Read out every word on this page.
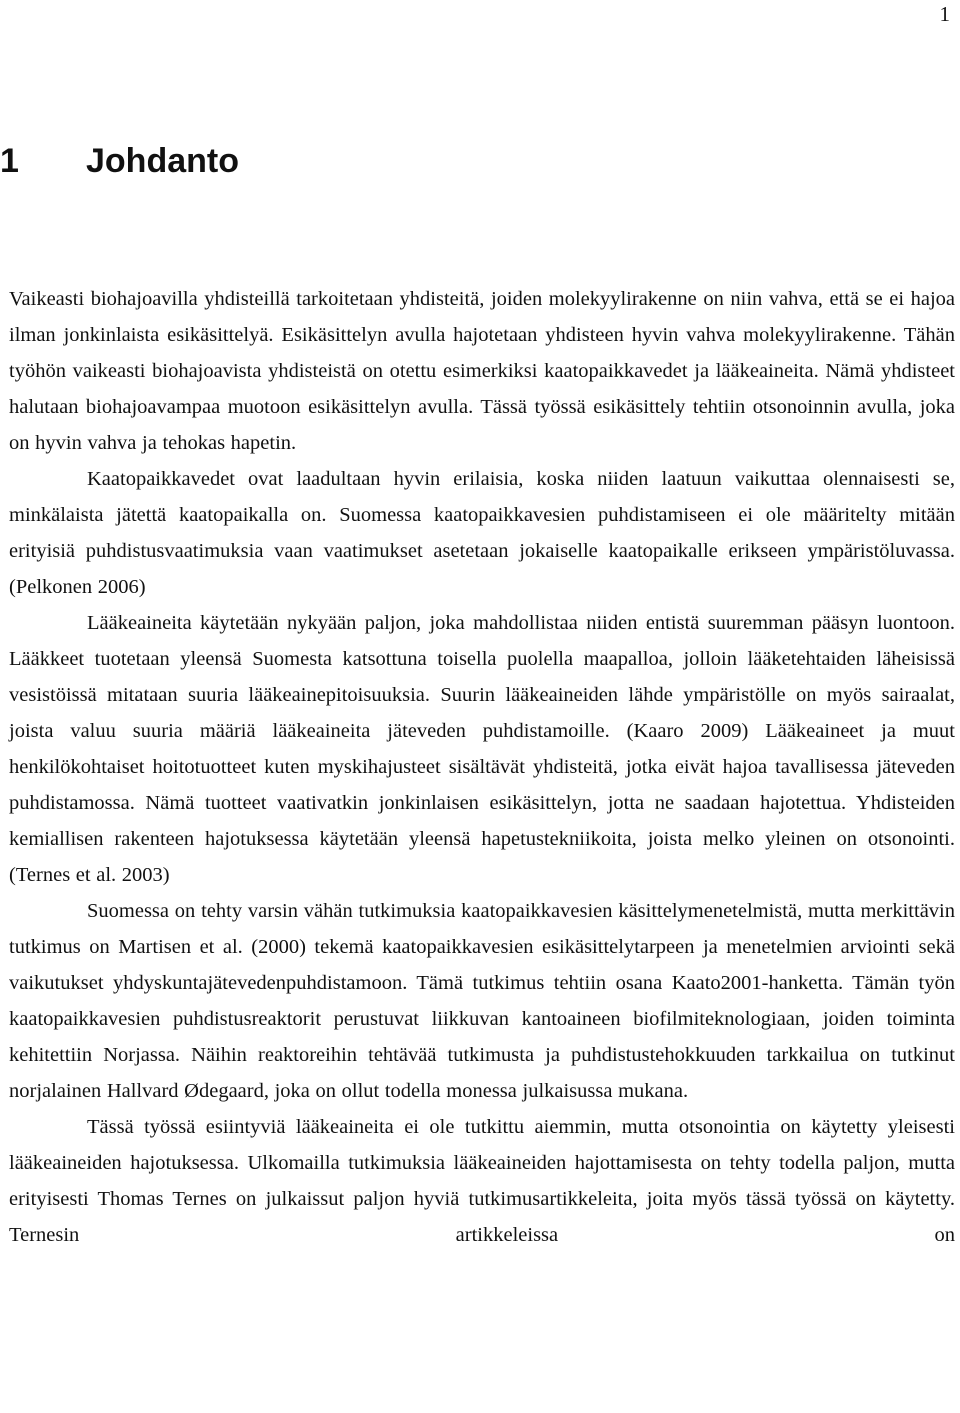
1
1 Johdanto

Vaikeasti biohajoavilla yhdisteillä tarkoitetaan yhdisteitä, joiden molekyylirakenne on niin vahva, että se ei hajoa ilman jonkinlaista esikäsittelyä. Esikäsittelyn avulla hajotetaan yhdisteen hyvin vahva molekyylirakenne. Tähän työhön vaikeasti biohajoavista yhdisteistä on otettu esimerkiksi kaatopaikkavedet ja lääkeaineita. Nämä yhdisteet halutaan biohajoavampaa muotoon esikäsittelyn avulla. Tässä työssä esikäsittely tehtiin otsonoinnin avulla, joka on hyvin vahva ja tehokas hapetin.

Kaatopaikkavedet ovat laadultaan hyvin erilaisia, koska niiden laatuun vaikuttaa olennaisesti se, minkälaista jätettä kaatopaikalla on. Suomessa kaatopaikkavesien puhdistamiseen ei ole määritelty mitään erityisiä puhdistusvaatimuksia vaan vaatimukset asetetaan jokaiselle kaatopaikalle erikseen ympäristöluvassa. (Pelkonen 2006)

Lääkeaineita käytetään nykyään paljon, joka mahdollistaa niiden entistä suuremman pääsyn luontoon. Lääkkeet tuotetaan yleensä Suomesta katsottuna toisella puolella maapalloa, jolloin lääketehtaiden läheisissä vesistöissä mitataan suuria lääkeainepitoisuuksia. Suurin lääkeaineiden lähde ympäristölle on myös sairaalat, joista valuu suuria määriä lääkeaineita jäteveden puhdistamoille. (Kaaro 2009) Lääkeaineet ja muut henkilökohtaiset hoitotuotteet kuten myskihajusteet sisältävät yhdisteitä, jotka eivät hajoa tavallisessa jäteveden puhdistamossa. Nämä tuotteet vaativatkin jonkinlaisen esikäsittelyn, jotta ne saadaan hajotettua. Yhdisteiden kemiallisen rakenteen hajotuksessa käytetään yleensä hapetustekniikoita, joista melko yleinen on otsonointi. (Ternes et al. 2003)

Suomessa on tehty varsin vähän tutkimuksia kaatopaikkavesien käsittelymenetelmistä, mutta merkittävin tutkimus on Martisen et al. (2000) tekemä kaatopaikkavesien esikäsittelytarpeen ja menetelmien arviointi sekä vaikutukset yhdyskuntajätevedenpuhdistamoon. Tämä tutkimus tehtiin osana Kaato2001-hanketta. Tämän työn kaatopaikkavesien puhdistusreaktorit perustuvat liikkuvan kantoaineen biofilmiteknologiaan, joiden toiminta kehitettiin Norjassa. Näihin reaktoreihin tehtävää tutkimusta ja puhdistustehokkuuden tarkkailua on tutkinut norjalainen Hallvard Ødegaard, joka on ollut todella monessa julkaisussa mukana.

Tässä työssä esiintyviä lääkeaineita ei ole tutkittu aiemmin, mutta otsonointia on käytetty yleisesti lääkeaineiden hajotuksessa. Ulkomailla tutkimuksia lääkeaineiden hajottamisesta on tehty todella paljon, mutta erityisesti Thomas Ternes on julkaissut paljon hyviä tutkimusartikkeleita, joita myös tässä työssä on käytetty. Ternesin artikkeleissa on
